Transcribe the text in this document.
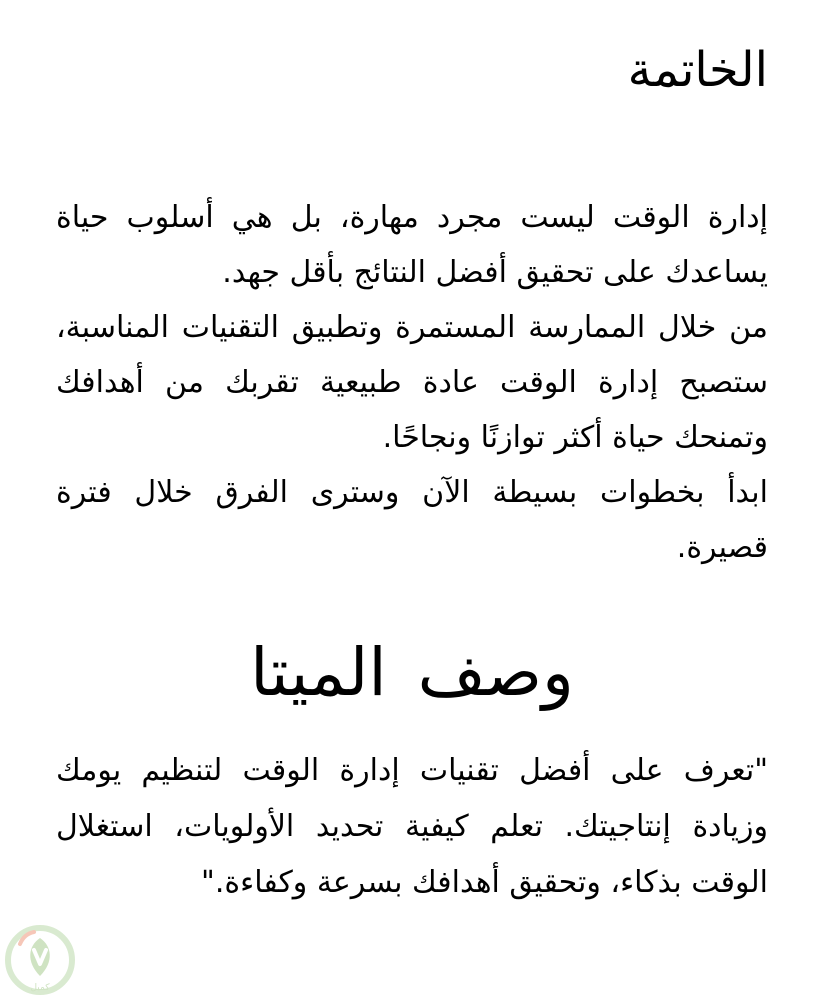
الخاتمة
إدارة الوقت ليست مجرد مهارة، بل هي أسلوب حياة
يساعدك على تحقيق أفضل النتائج بأقل جهد.
من خلال الممارسة المستمرة وتطبيق التقنيات المناسبة،
ستصبح إدارة الوقت عادة طبيعية تقربك من أهدافك
وتمنحك حياة أكثر توازنًا ونجاحًا.
ابدأ بخطوات بسيطة الآن وسترى الفرق خلال فترة
قصيرة.
وصف الميتا
"تعرف على أفضل تقنيات إدارة الوقت لتنظيم يومك
وزيادة إنتاجيتك. تعلم كيفية تحديد الأولويات، استغلال
الوقت بذكاء، وتحقيق أهدافك بسرعة وكفاءة."
كميل
